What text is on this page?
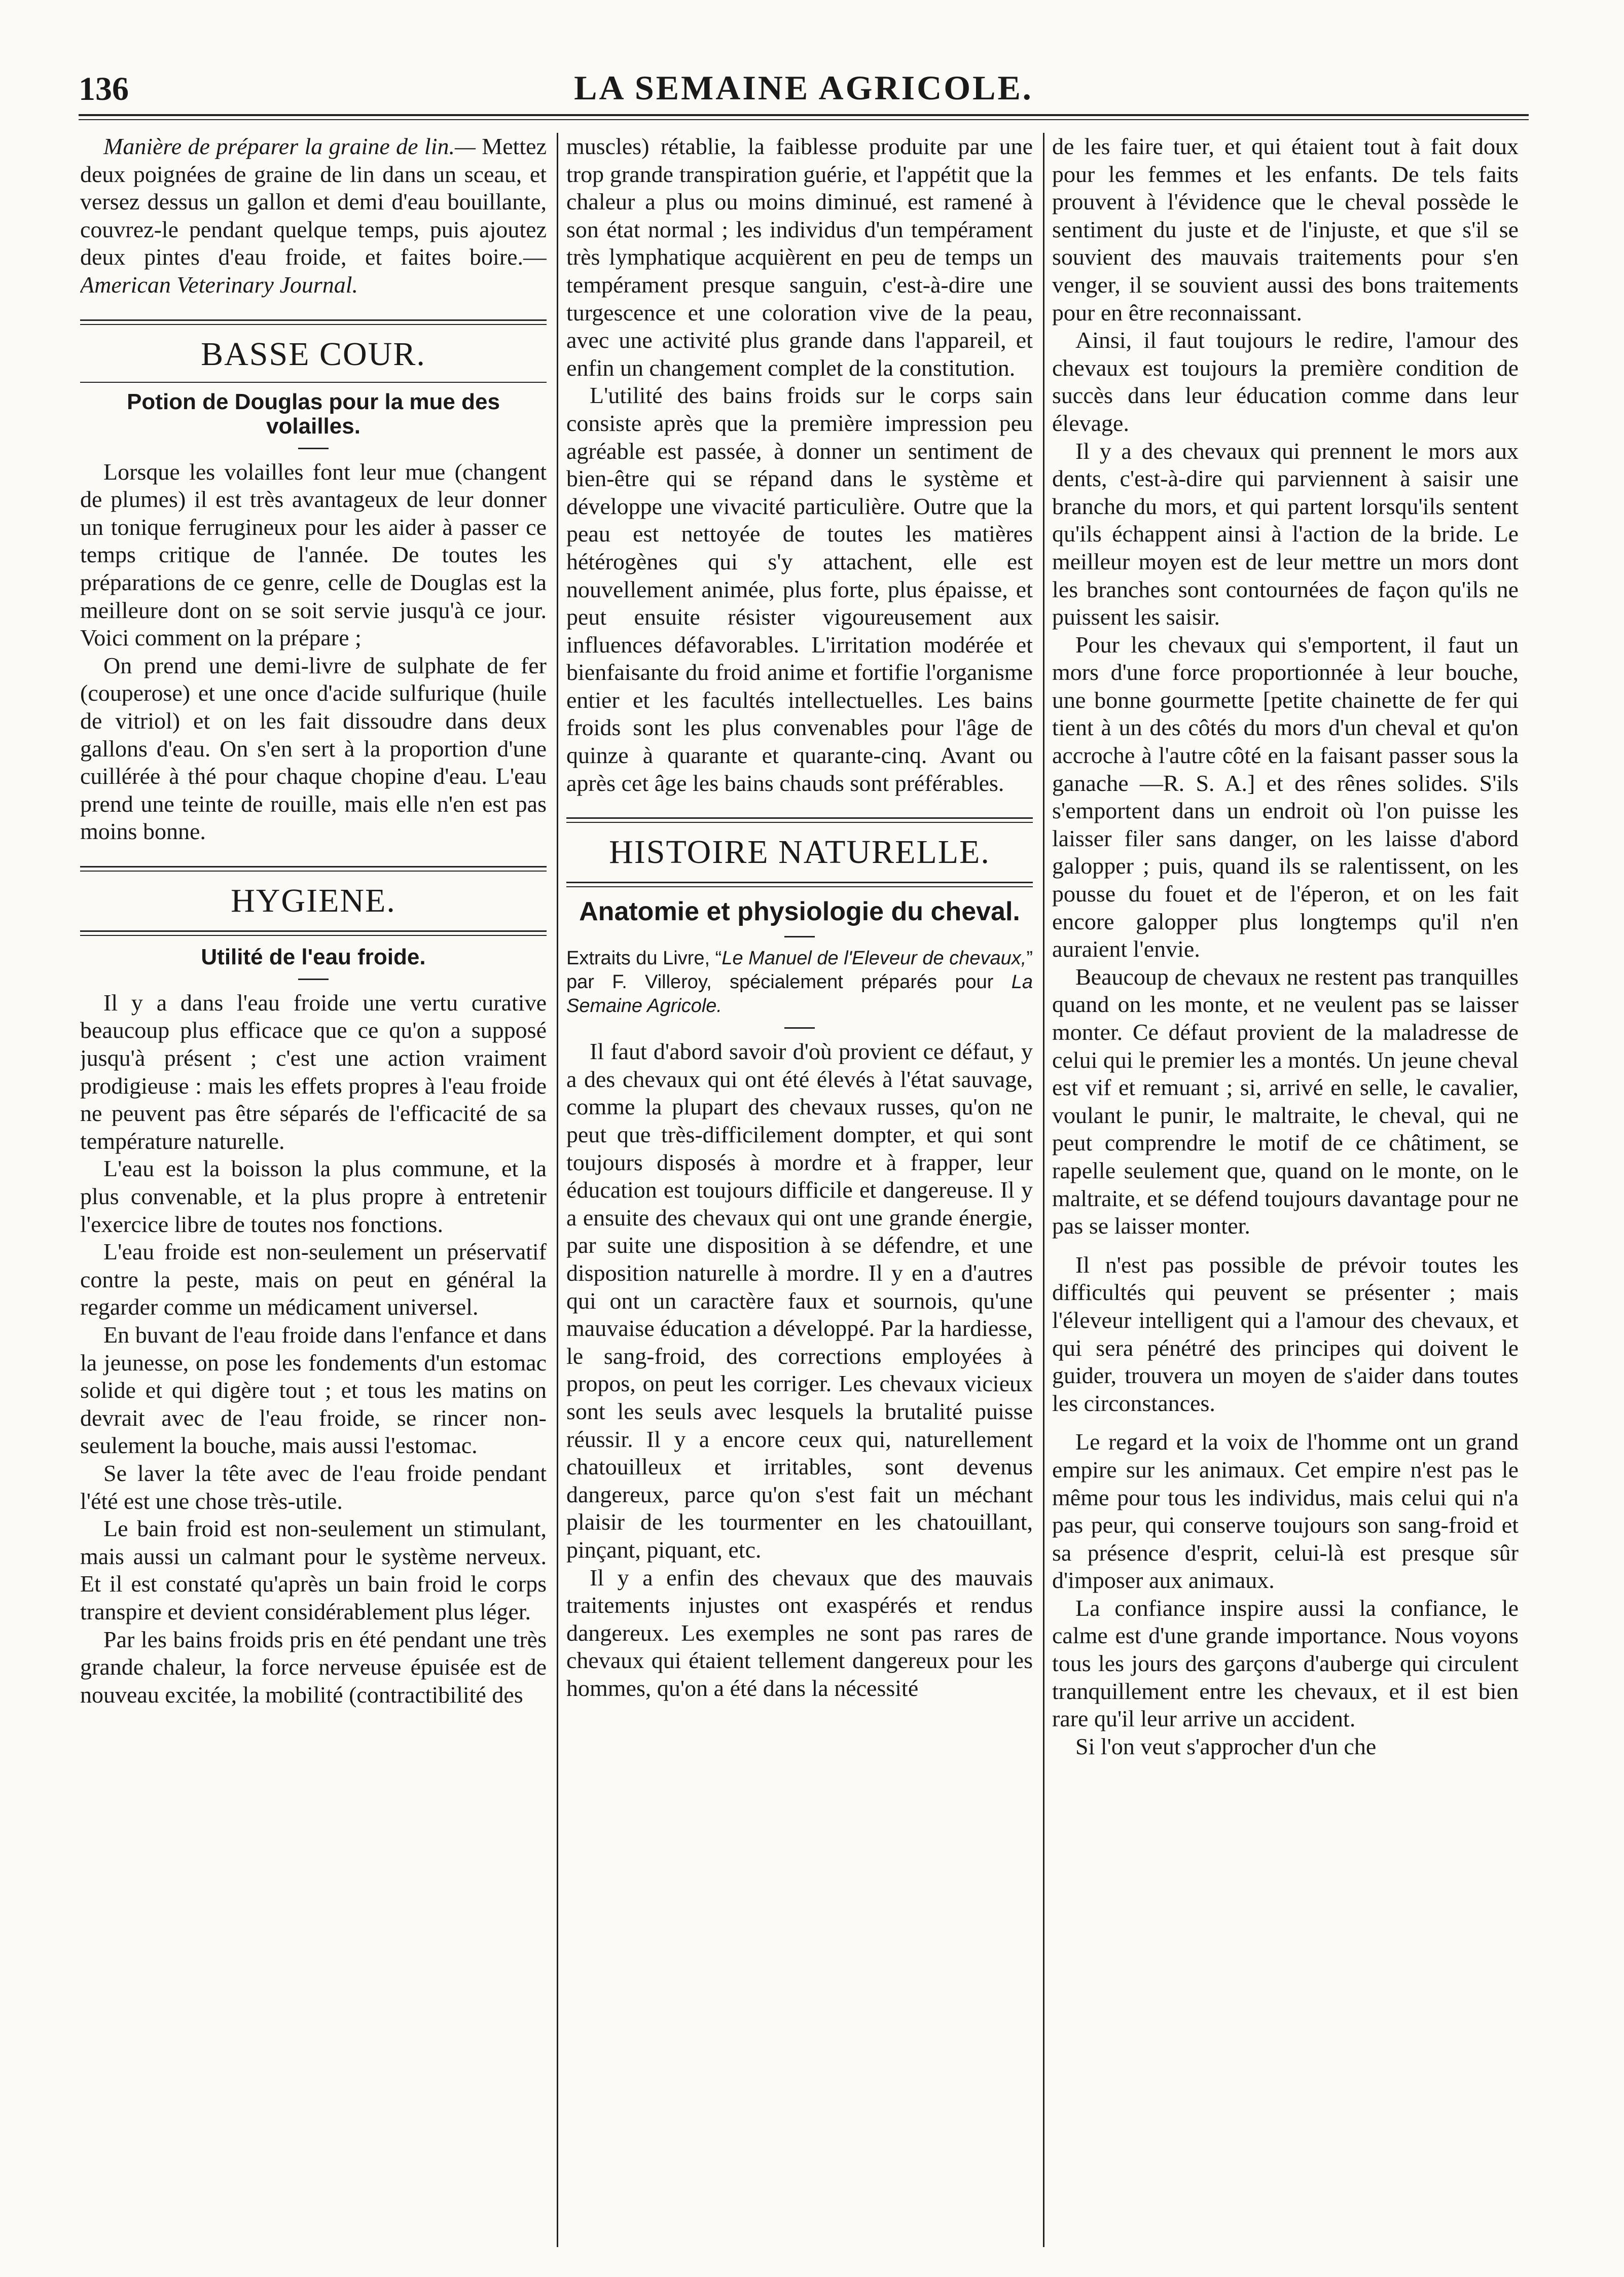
136	LA SEMAINE AGRICOLE.

Manière de préparer la graine de lin.— Mettez deux poignées de graine de lin dans un sceau, et versez dessus un gallon et demi d'eau bouillante, couvrez-le pendant quelque temps, puis ajoutez deux pintes d'eau froide, et faites boire.—American Veterinary Journal.

BASSE COUR.
Potion de Douglas pour la mue des volailles.

Lorsque les volailles font leur mue (changent de plumes) il est très avantageux de leur donner un tonique ferrugineux pour les aider à passer ce temps critique de l'année. De toutes les préparations de ce genre, celle de Douglas est la meilleure dont on se soit servie jusqu'à ce jour. Voici comment on la prépare ;

On prend une demi-livre de sulphate de fer (couperose) et une once d'acide sulfurique (huile de vitriol) et on les fait dissoudre dans deux gallons d'eau. On s'en sert à la proportion d'une cuillérée à thé pour chaque chopine d'eau. L'eau prend une teinte de rouille, mais elle n'en est pas moins bonne.

HYGIENE.
Utilité de l'eau froide.

Il y a dans l'eau froide une vertu curative beaucoup plus efficace que ce qu'on a supposé jusqu'à présent ; c'est une action vraiment prodigieuse : mais les effets propres à l'eau froide ne peuvent pas être séparés de l'efficacité de sa température naturelle.

L'eau est la boisson la plus commune, et la plus convenable, et la plus propre à entretenir l'exercice libre de toutes nos fonctions.

L'eau froide est non-seulement un préservatif contre la peste, mais on peut en général la regarder comme un médicament universel.

En buvant de l'eau froide dans l'enfance et dans la jeunesse, on pose les fondements d'un estomac solide et qui digère tout ; et tous les matins on devrait avec de l'eau froide, se rincer non-seulement la bouche, mais aussi l'estomac.

Se laver la tête avec de l'eau froide pendant l'été est une chose très-utile.

Le bain froid est non-seulement un stimulant, mais aussi un calmant pour le système nerveux. Et il est constaté qu'après un bain froid le corps transpire et devient considérablement plus léger.

Par les bains froids pris en été pendant une très grande chaleur, la force nerveuse épuisée est de nouveau excitée, la mobilité (contractibilité des

muscles) rétablie, la faiblesse produite par une trop grande transpiration guérie, et l'appétit que la chaleur a plus ou moins diminué, est ramené à son état normal ; les individus d'un tempérament très lymphatique acquièrent en peu de temps un tempérament presque sanguin, c'est-à-dire une turgescence et une coloration vive de la peau, avec une activité plus grande dans l'appareil, et enfin un changement complet de la constitution.

L'utilité des bains froids sur le corps sain consiste après que la première impression peu agréable est passée, à donner un sentiment de bien-être qui se répand dans le système et développe une vivacité particulière. Outre que la peau est nettoyée de toutes les matières hétérogènes qui s'y attachent, elle est nouvellement animée, plus forte, plus épaisse, et peut ensuite résister vigoureusement aux influences défavorables. L'irritation modérée et bienfaisante du froid anime et fortifie l'organisme entier et les facultés intellectuelles. Les bains froids sont les plus convenables pour l'âge de quinze à quarante et quarante-cinq. Avant ou après cet âge les bains chauds sont préférables.

HISTOIRE NATURELLE.
Anatomie et physiologie du cheval.

Extraits du Livre, “Le Manuel de l'Eleveur de chevaux,” par F. Villeroy, spécialement préparés pour La Semaine Agricole.

Il faut d'abord savoir d'où provient ce défaut, y a des chevaux qui ont été élevés à l'état sauvage, comme la plupart des chevaux russes, qu'on ne peut que très-difficilement dompter, et qui sont toujours disposés à mordre et à frapper, leur éducation est toujours difficile et dangereuse. Il y a ensuite des chevaux qui ont une grande énergie, par suite une disposition à se défendre, et une disposition naturelle à mordre. Il y en a d'autres qui ont un caractère faux et sournois, qu'une mauvaise éducation a développé. Par la hardiesse, le sang-froid, des corrections employées à propos, on peut les corriger. Les chevaux vicieux sont les seuls avec lesquels la brutalité puisse réussir. Il y a encore ceux qui, naturellement chatouilleux et irritables, sont devenus dangereux, parce qu'on s'est fait un méchant plaisir de les tourmenter en les chatouillant, pinçant, piquant, etc.

Il y a enfin des chevaux que des mauvais traitements injustes ont exaspérés et rendus dangereux. Les exemples ne sont pas rares de chevaux qui étaient tellement dangereux pour les hommes, qu'on a été dans la nécessité

de les faire tuer, et qui étaient tout à fait doux pour les femmes et les enfants. De tels faits prouvent à l'évidence que le cheval possède le sentiment du juste et de l'injuste, et que s'il se souvient des mauvais traitements pour s'en venger, il se souvient aussi des bons traitements pour en être reconnaissant.

Ainsi, il faut toujours le redire, l'amour des chevaux est toujours la première condition de succès dans leur éducation comme dans leur élevage.

Il y a des chevaux qui prennent le mors aux dents, c'est-à-dire qui parviennent à saisir une branche du mors, et qui partent lorsqu'ils sentent qu'ils échappent ainsi à l'action de la bride. Le meilleur moyen est de leur mettre un mors dont les branches sont contournées de façon qu'ils ne puissent les saisir.

Pour les chevaux qui s'emportent, il faut un mors d'une force proportionnée à leur bouche, une bonne gourmette [petite chainette de fer qui tient à un des côtés du mors d'un cheval et qu'on accroche à l'autre côté en la faisant passer sous la ganache —R. S. A.] et des rênes solides. S'ils s'emportent dans un endroit où l'on puisse les laisser filer sans danger, on les laisse d'abord galopper ; puis, quand ils se ralentissent, on les pousse du fouet et de l'éperon, et on les fait encore galopper plus longtemps qu'il n'en auraient l'envie.

Beaucoup de chevaux ne restent pas tranquilles quand on les monte, et ne veulent pas se laisser monter. Ce défaut provient de la maladresse de celui qui le premier les a montés. Un jeune cheval est vif et remuant ; si, arrivé en selle, le cavalier, voulant le punir, le maltraite, le cheval, qui ne peut comprendre le motif de ce châtiment, se rapelle seulement que, quand on le monte, on le maltraite, et se défend toujours davantage pour ne pas se laisser monter.

Il n'est pas possible de prévoir toutes les difficultés qui peuvent se présenter ; mais l'éleveur intelligent qui a l'amour des chevaux, et qui sera pénétré des principes qui doivent le guider, trouvera un moyen de s'aider dans toutes les circonstances.

Le regard et la voix de l'homme ont un grand empire sur les animaux. Cet empire n'est pas le même pour tous les individus, mais celui qui n'a pas peur, qui conserve toujours son sang-froid et sa présence d'esprit, celui-là est presque sûr d'imposer aux animaux.

La confiance inspire aussi la confiance, le calme est d'une grande importance. Nous voyons tous les jours des garçons d'auberge qui circulent tranquillement entre les chevaux, et il est bien rare qu'il leur arrive un accident.

Si l'on veut s'approcher d'un che
